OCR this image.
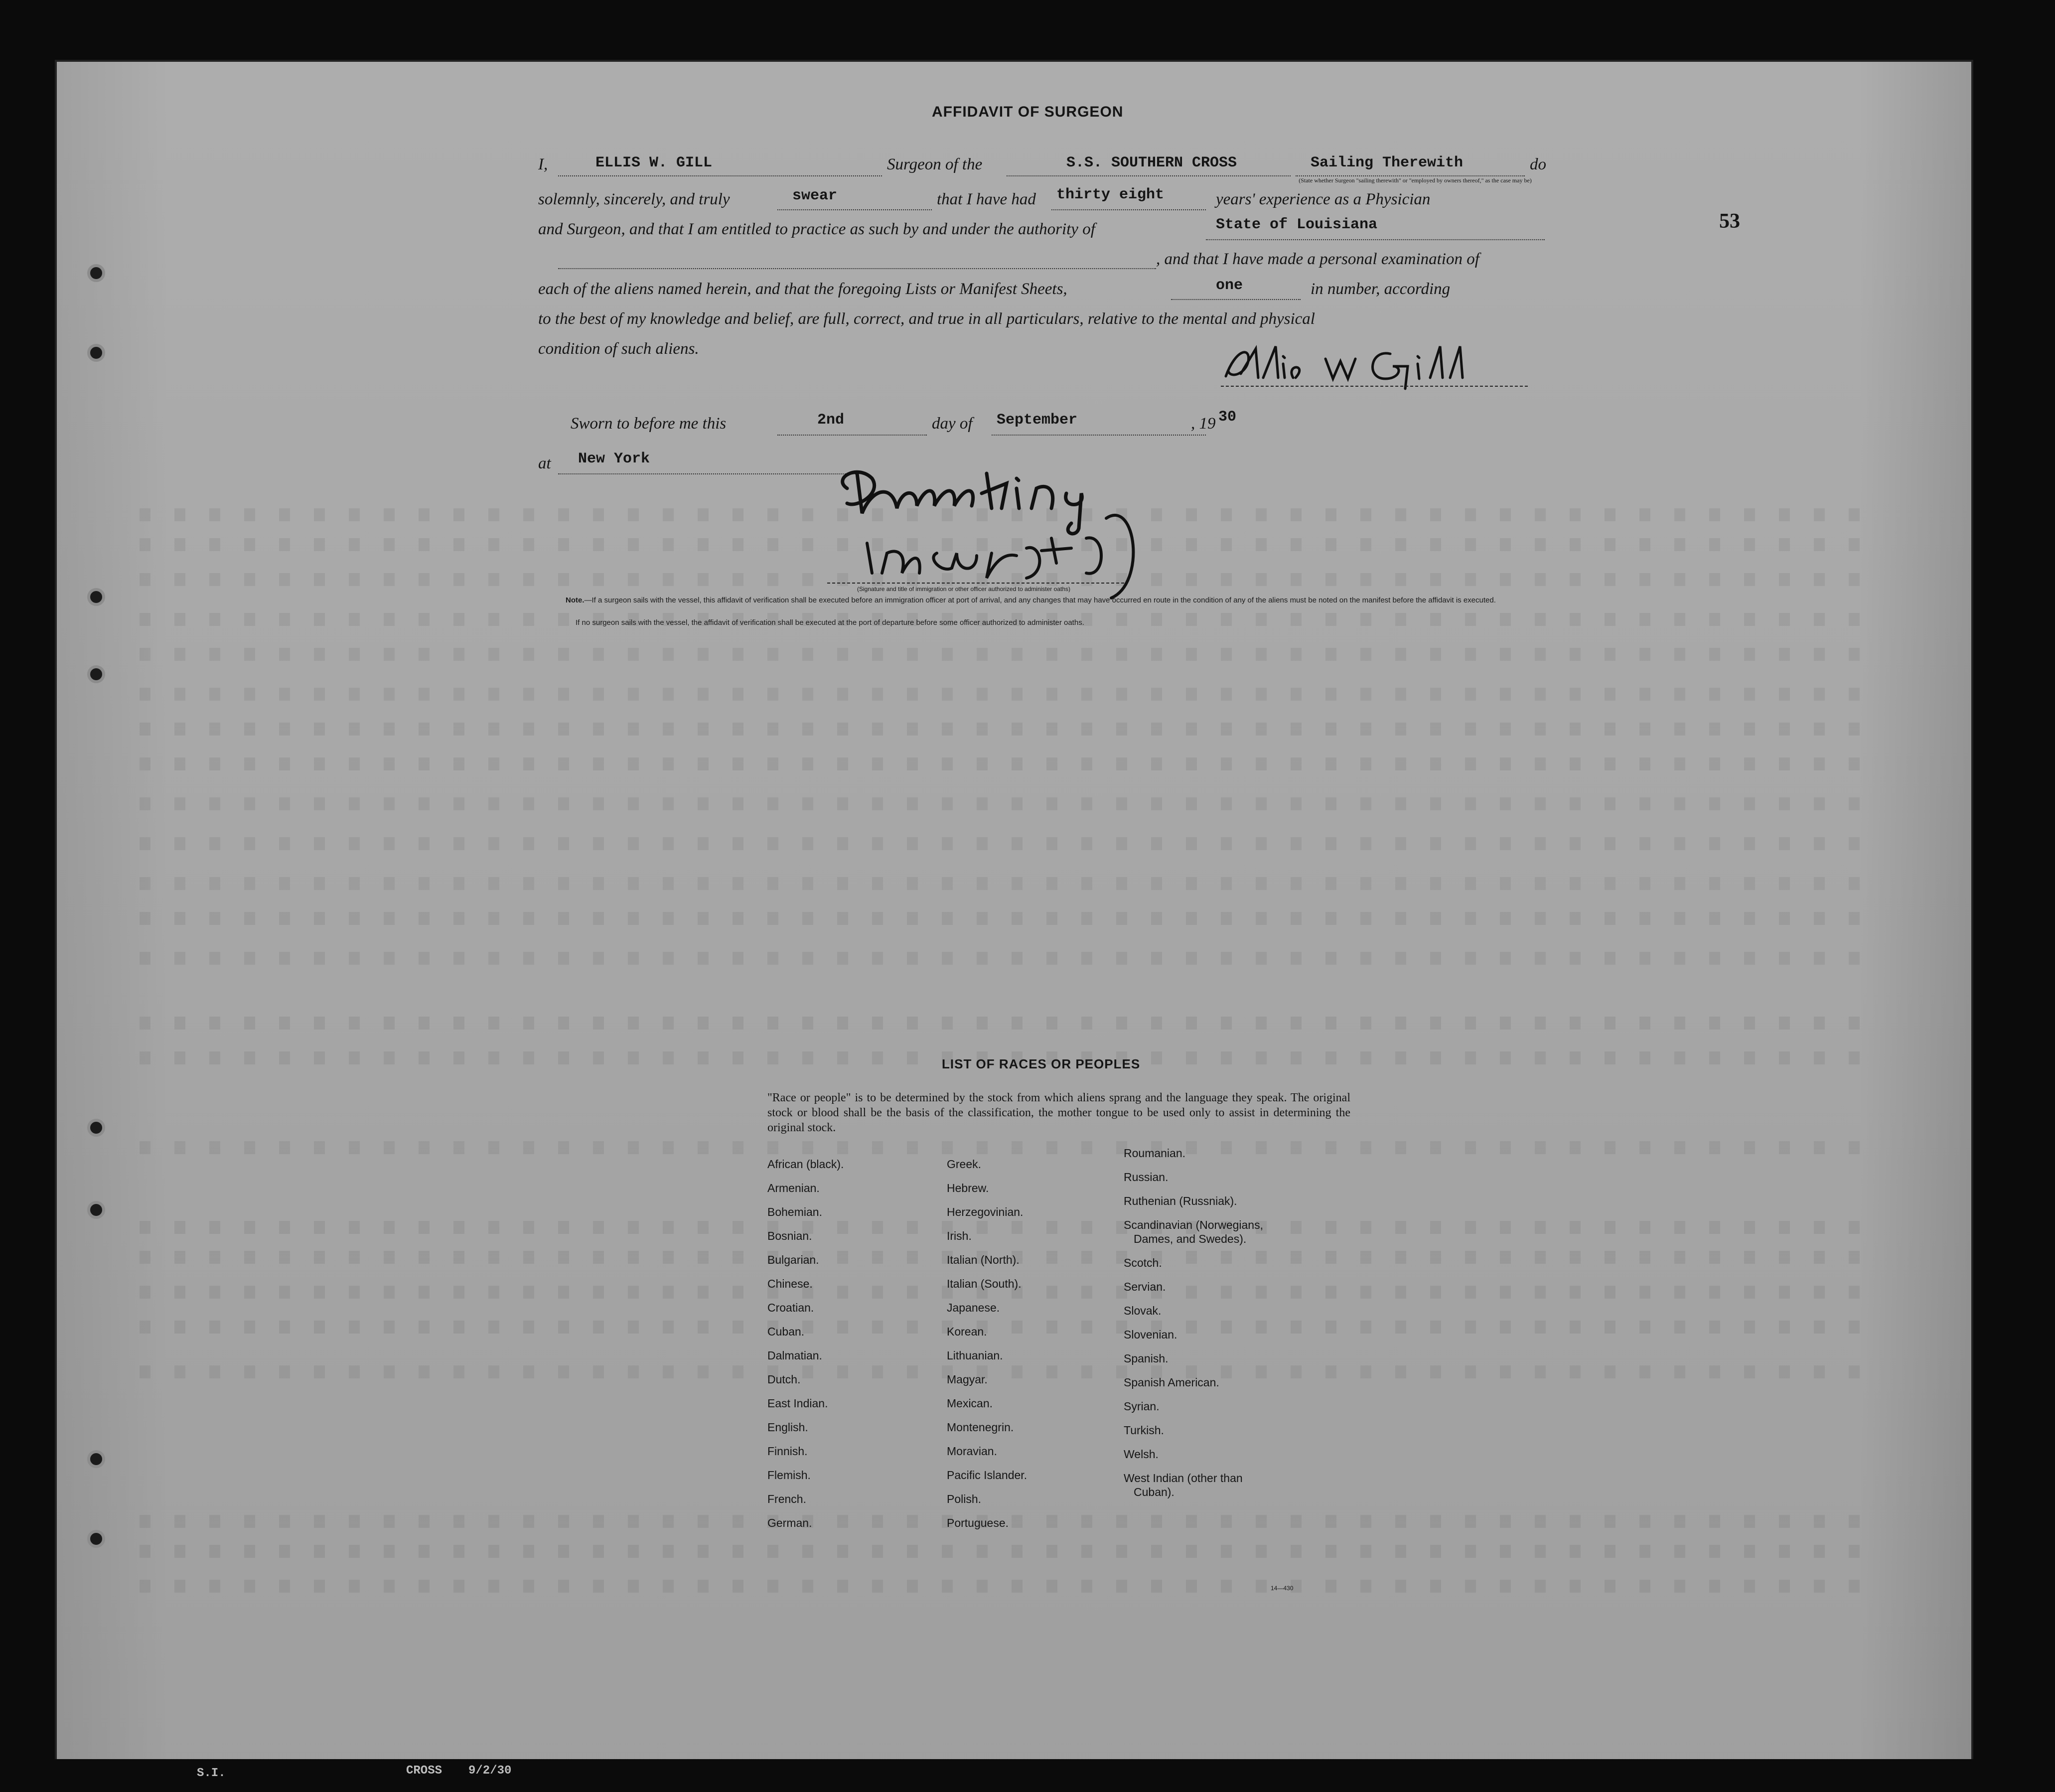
53
AFFIDAVIT OF SURGEON
I,	ELLIS W. GILL	Surgeon of the	S.S. SOUTHERN CROSS	Sailing Therewith
(State whether Surgeon "sailing therewith" or "employed by owners thereof," as the case may be)
do
solemnly, sincerely, and truly	swear	that I have had thirty eight	years' experience as a Physician
and Surgeon, and that I am entitled to practice as such by and under the authority of	State of Louisiana
, and that I have made a personal examination of
each of the aliens named herein, and that the foregoing Lists or Manifest Sheets,	one	in number, according
to the best of my knowledge and belief, are full, correct, and true in all particulars, relative to the mental and physical
condition of such aliens.
Sworn to before me this	2nd	day of September	, 19 30
at New York
(Signature and title of immigration or other officer authorized to administer oaths)
Note.—If a surgeon sails with the vessel, this affidavit of verification shall be executed before an immigration officer at port of arrival, and any changes that may have occurred en route in the condition of any of the aliens must be noted on the manifest before the affidavit is executed.
If no surgeon sails with the vessel, the affidavit of verification shall be executed at the port of departure before some officer authorized to administer oaths.
LIST OF RACES OR PEOPLES
"Race or people" is to be determined by the stock from which aliens sprang and the language they speak. The original stock or blood shall be the basis of the classification, the mother tongue to be used only to assist in determining the original stock.
African (black).
Armenian.
Bohemian.
Bosnian.
Bulgarian.
Chinese.
Croatian.
Cuban.
Dalmatian.
Dutch.
East Indian.
English.
Finnish.
Flemish.
French.
German.
Greek.
Hebrew.
Herzegovinian.
Irish.
Italian (North).
Italian (South).
Japanese.
Korean.
Lithuanian.
Magyar.
Mexican.
Montenegrin.
Moravian.
Pacific Islander.
Polish.
Portuguese.
Roumanian.
Russian.
Ruthenian (Russniak).
Scandinavian (Norwegians,
Dames, and Swedes).
Scotch.
Servian.
Slovak.
Slovenian.
Spanish.
Spanish American.
Syrian.
Turkish.
Welsh.
West Indian (other than
Cuban).
14—430
S.I.	CROSS 9/2/30
